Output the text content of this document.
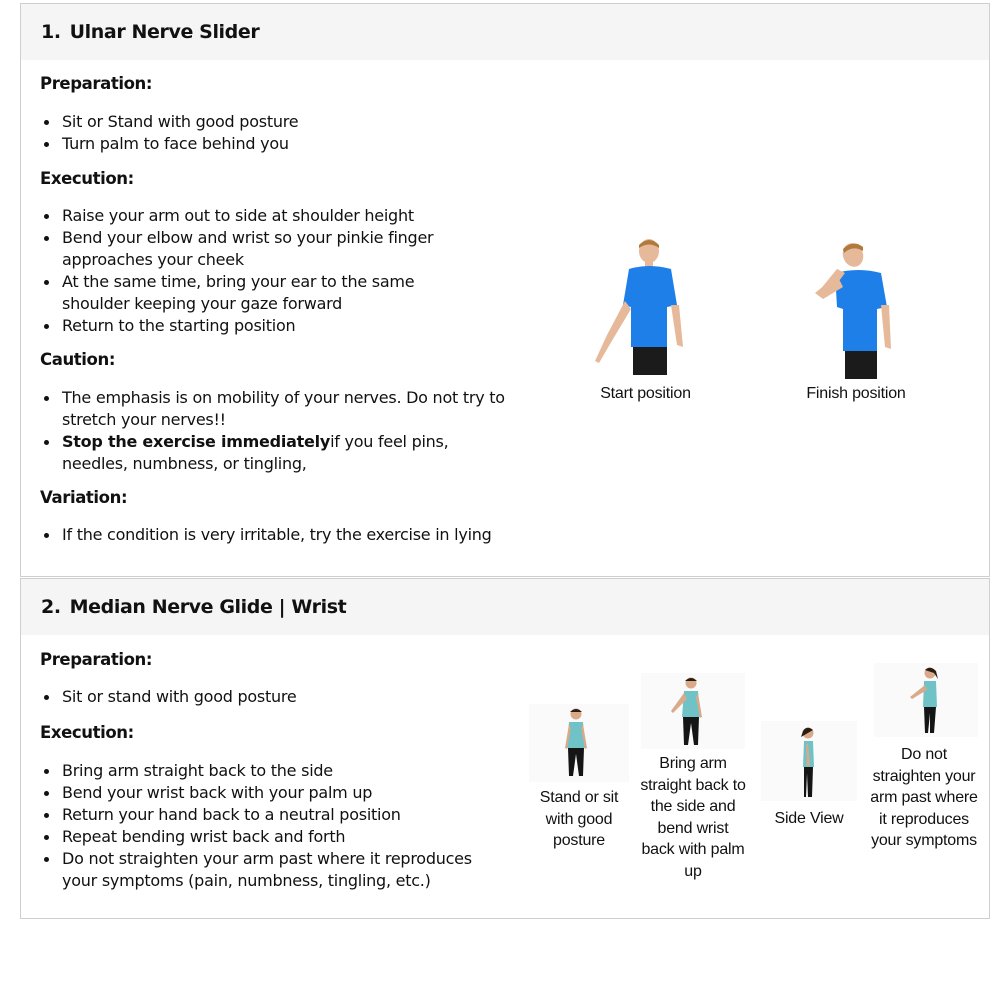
1. Ulnar Nerve Slider
Preparation:
Sit or Stand with good posture
Turn palm to face behind you
Execution:
Raise your arm out to side at shoulder height
Bend your elbow and wrist so your pinkie finger approaches your cheek
At the same time, bring your ear to the same shoulder keeping your gaze forward
Return to the starting position
Caution:
The emphasis is on mobility of your nerves. Do not try to stretch your nerves!!
Stop the exercise immediatelyif you feel pins, needles, numbness, or tingling,
Variation:
If the condition is very irritable, try the exercise in lying
Start position	Finish position
2. Median Nerve Glide | Wrist
Preparation:
Sit or stand with good posture
Execution:
Bring arm straight back to the side
Bend your wrist back with your palm up
Return your hand back to a neutral position
Repeat bending wrist back and forth
Do not straighten your arm past where it reproduces your symptoms (pain, numbness, tingling, etc.)
Stand or sit with good posture
Bring arm straight back to the side and bend wrist back with palm up
Side View
Do not straighten your arm past where it reproduces your symptoms
